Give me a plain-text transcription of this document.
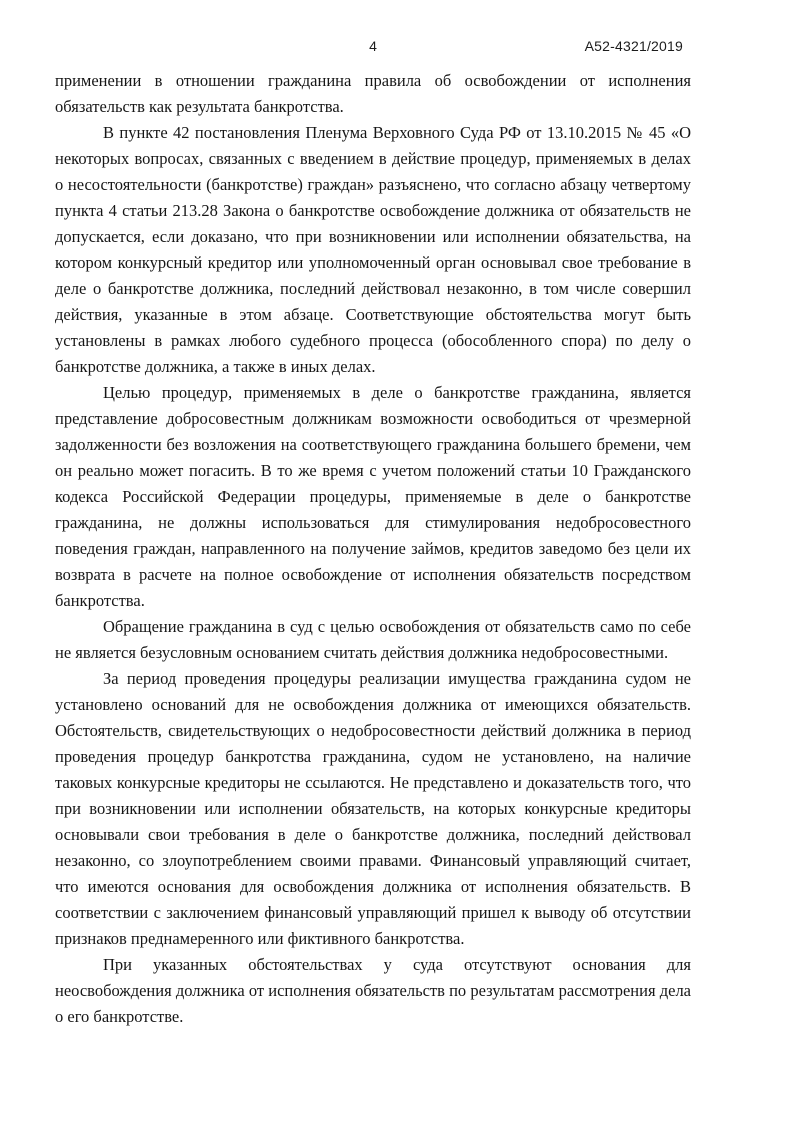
4	А52-4321/2019

применении в отношении гражданина правила об освобождении от исполнения обязательств как результата банкротства.

В пункте 42 постановления Пленума Верховного Суда РФ от 13.10.2015 № 45 «О некоторых вопросах, связанных с введением в действие процедур, применяемых в делах о несостоятельности (банкротстве) граждан» разъяснено, что согласно абзацу четвертому пункта 4 статьи 213.28 Закона о банкротстве освобождение должника от обязательств не допускается, если доказано, что при возникновении или исполнении обязательства, на котором конкурсный кредитор или уполномоченный орган основывал свое требование в деле о банкротстве должника, последний действовал незаконно, в том числе совершил действия, указанные в этом абзаце. Соответствующие обстоятельства могут быть установлены в рамках любого судебного процесса (обособленного спора) по делу о банкротстве должника, а также в иных делах.

Целью процедур, применяемых в деле о банкротстве гражданина, является представление добросовестным должникам возможности освободиться от чрезмерной задолженности без возложения на соответствующего гражданина большего бремени, чем он реально может погасить. В то же время с учетом положений статьи 10 Гражданского кодекса Российской Федерации процедуры, применяемые в деле о банкротстве гражданина, не должны использоваться для стимулирования недобросовестного поведения граждан, направленного на получение займов, кредитов заведомо без цели их возврата в расчете на полное освобождение от исполнения обязательств посредством банкротства.

Обращение гражданина в суд с целью освобождения от обязательств само по себе не является безусловным основанием считать действия должника недобросовестными.

За период проведения процедуры реализации имущества гражданина судом не установлено оснований для не освобождения должника от имеющихся обязательств. Обстоятельств, свидетельствующих о недобросовестности действий должника в период проведения процедур банкротства гражданина, судом не установлено, на наличие таковых конкурсные кредиторы не ссылаются. Не представлено и доказательств того, что при возникновении или исполнении обязательств, на которых конкурсные кредиторы основывали свои требования в деле о банкротстве должника, последний действовал незаконно, со злоупотреблением своими правами. Финансовый управляющий считает, что имеются основания для освобождения должника от исполнения обязательств. В соответствии с заключением финансовый управляющий пришел к выводу об отсутствии признаков преднамеренного или фиктивного банкротства.

При указанных обстоятельствах у суда отсутствуют основания для неосвобождения должника от исполнения обязательств по результатам рассмотрения дела о его банкротстве.
